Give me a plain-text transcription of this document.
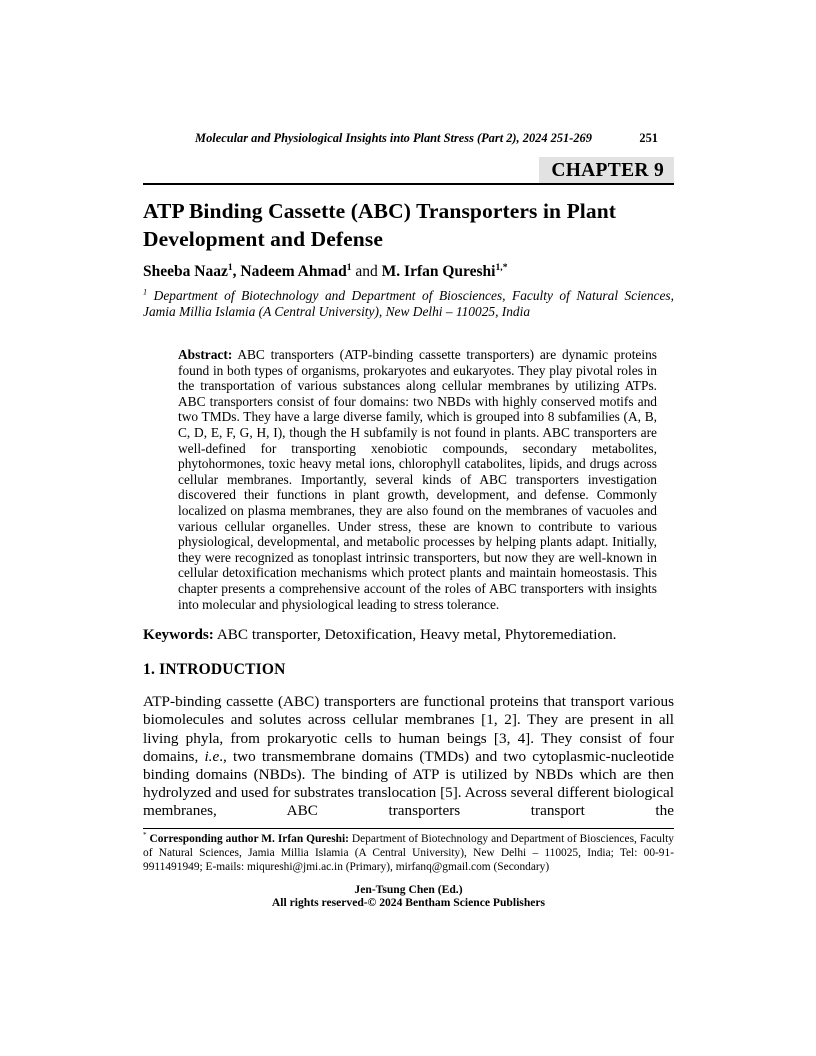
Molecular and Physiological Insights into Plant Stress (Part 2), 2024 251-269	251
CHAPTER 9
ATP Binding Cassette (ABC) Transporters in Plant Development and Defense
Sheeba Naaz$^1$, Nadeem Ahmad$^1$ and M. Irfan Qureshi$^{1,*}$
$^1$ Department of Biotechnology and Department of Biosciences, Faculty of Natural Sciences, Jamia Millia Islamia (A Central University), New Delhi – 110025, India
Abstract: ABC transporters (ATP-binding cassette transporters) are dynamic proteins found in both types of organisms, prokaryotes and eukaryotes. They play pivotal roles in the transportation of various substances along cellular membranes by utilizing ATPs. ABC transporters consist of four domains: two NBDs with highly conserved motifs and two TMDs. They have a large diverse family, which is grouped into 8 subfamilies (A, B, C, D, E, F, G, H, I), though the H subfamily is not found in plants. ABC transporters are well-defined for transporting xenobiotic compounds, secondary metabolites, phytohormones, toxic heavy metal ions, chlorophyll catabolites, lipids, and drugs across cellular membranes. Importantly, several kinds of ABC transporters investigation discovered their functions in plant growth, development, and defense. Commonly localized on plasma membranes, they are also found on the membranes of vacuoles and various cellular organelles. Under stress, these are known to contribute to various physiological, developmental, and metabolic processes by helping plants adapt. Initially, they were recognized as tonoplast intrinsic transporters, but now they are well-known in cellular detoxification mechanisms which protect plants and maintain homeostasis. This chapter presents a comprehensive account of the roles of ABC transporters with insights into molecular and physiological leading to stress tolerance.
Keywords: ABC transporter, Detoxification, Heavy metal, Phytoremediation.
1. INTRODUCTION
ATP-binding cassette (ABC) transporters are functional proteins that transport various biomolecules and solutes across cellular membranes [1, 2]. They are present in all living phyla, from prokaryotic cells to human beings [3, 4]. They consist of four domains, i.e., two transmembrane domains (TMDs) and two cytoplasmic-nucleotide binding domains (NBDs). The binding of ATP is utilized by NBDs which are then hydrolyzed and used for substrates translocation [5]. Across several different biological membranes, ABC transporters transport the
* Corresponding author M. Irfan Qureshi: Department of Biotechnology and Department of Biosciences, Faculty of Natural Sciences, Jamia Millia Islamia (A Central University), New Delhi – 110025, India; Tel: 00-91-9911491949; E-mails: miqureshi@jmi.ac.in (Primary), mirfanq@gmail.com (Secondary)
Jen-Tsung Chen (Ed.)
All rights reserved-© 2024 Bentham Science Publishers
